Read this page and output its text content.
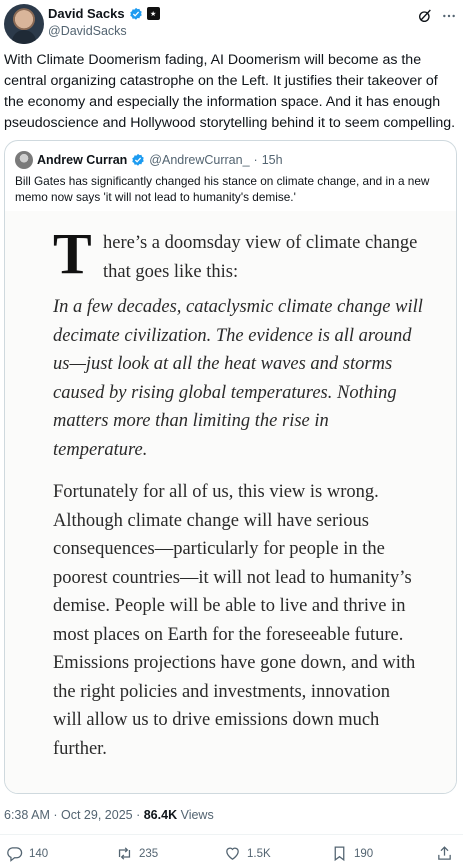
David Sacks	★
@DavidSacks
With Climate Doomerism fading, AI Doomerism will become as the central organizing catastrophe on the Left. It justifies their takeover of the economy and especially the information space. And it has enough pseudoscience and Hollywood storytelling behind it to seem compelling.
Andrew Curran @AndrewCurran_ · 15h
Bill Gates has significantly changed his stance on climate change, and in a new memo now says 'it will not lead to humanity's demise.'
T here’s a doomsday view of climate change that goes like this:
In a few decades, cataclysmic climate change will decimate civilization. The evidence is all around us—just look at all the heat waves and storms caused by rising global temperatures. Nothing matters more than limiting the rise in temperature.
Fortunately for all of us, this view is wrong. Although climate change will have serious consequences—particularly for people in the poorest countries—it will not lead to humanity’s demise. People will be able to live and thrive in most places on Earth for the foreseeable future. Emissions projections have gone down, and with the right policies and investments, innovation will allow us to drive emissions down much further.
6:38 AM · Oct 29, 2025 · 86.4K Views
140	235	1.5K	190
